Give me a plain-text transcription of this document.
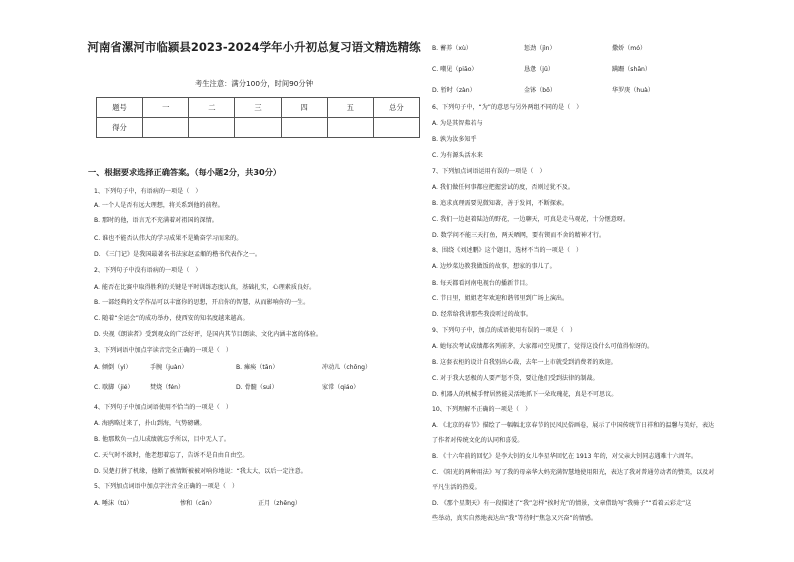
河南省漯河市临颍县2023-2024学年小升初总复习语文精选精练
考生注意：满分100分，时间90分钟
题号	一	二	三	四	五	总分
得分						
一、根据要求选择正确答案。（每小题2分，共30分）
1、下列句子中，有语病的一项是（　）
A. 一个人是否有远大理想，将关系到他的前程。
B. 那时的他，语言无不充满着对祖国的深情。
C. 谁也不能否认伟大的学习成果不是勤奋学习而来的。
D. 《三门记》是我国最著名书法家赵孟頫的楷书代表作之一。
2、下列句子中没有语病的一项是（　）
A. 能否在比赛中取得胜利的关键是平时训练态度认真，基础扎实，心理素质良好。
B. 一部经典的文学作品可以丰富你的思想，开启你的智慧，从而影响你的一生。
C. 随着“全运会”的成功举办，使西安的知名度越来越高。
D. 央视《朗读者》受到观众的广泛好评，是国内其节目朗读、文化内涵丰富的体验。
3、下列词语中加点字读音完全正确的一项是（　）
A. 倾倒（yì）	手腕（juàn）	B. 瘫痪（tān）	冲动儿（chōng）
C. 歇脚（jié）	焚烧（fén）	D. 骨髓（suì）	家常（qiáo）
4、下列句子中加点词语使用不恰当的一项是（　）
A. 海鸥略过来了，扑山到海，气势磅礴。
B. 他那欺负一点儿成绩就忘乎所以，目中无人了。
C. 天气时不欲时，他老想着忘了，告诉不是自由自由空。
D. 吴楚打拼了机缘，他断了被情断被被对响你地说：“我太大，以后一定注意。
5、下列加点词语中加点字注音全正确的一项是（　）
A. 唾沫（tú）	惨和（cān）	正月（zhēng）
B. 蓄养（xù）	惩劲（jìn）	撒娇（mó）
C. 嘲见（piāo）	恳惫（jǔ）	蹒跚（shān）
D. 暂时（zàn）	金钵（bō）	华罗庚（huà）
6、下列句子中，“为”的意思与另外两组不同的是（　）
A. 为是其智弗若与
B. 孰为汝多知乎
C. 为有源头活水来
7、下列加点词语运用有误的一项是（　）
A. 我们做任何事都应把握尝试的度，否则过犹不及。
B. 追求真理需要见微知著，善于发问，不断探索。
C. 我们一边赵着陆边的野花，一边聊天，可真是走马观花，十分惬意呀。
D. 数学问不能三天打鱼，两天晒网，要有锲而不舍的精神才行。
8、围绕《刘述鹏》这个题目，选材不当的一项是（　）
A. 边炒菜边教我做饭的故事，想家的事儿了。
B. 每天都看河南电视台的播新节目。
C. 节日里，姐姐老年欢迎和谐邻里到广场上演出。
D. 经常给我讲那些我没听过的故事。
9、下列句子中，加点的成语使用有误的一项是（　）
A. 她每次考试成绩都名列前茅，大家都司空见惯了，觉得这没什么可值得惊讶的。
B. 这套衣柜的设计自我别出心裁，去年一上市就受到消费者的欢迎。
C. 对于我大恶极的人要严惩不贷，要让他们受到法律的制裁。
D. 机器人的机械手臂居然能灵活地抓下一朵玫瑰花，真是不可思议。
10、下列理解不正确的一项是（　）
A. 《北京的春节》描绘了一幅幅北京春节的民风民俗画卷，展示了中国传统节日祥和的温馨与美好，表达
了作者对传统文化的认同和喜爱。
B. 《十六年前的回忆》是李大钊的女儿李星华回忆在 1913 年的，对父亲大钊同志遇难十六周年。
C. 《阳光的两种用法》写了我的母亲华大妈充满智慧地使用阳光，表达了我对普通劳动者的赞美，以及对
平凡生活的热爱。
D. 《那个星期天》有一段描述了“我”怎样“挨时光”的情景，文章借助写“我骑子”“看着云彩走”这
些举动，真实自然地表达出“我”等待时“焦急又兴奋”的情感。
